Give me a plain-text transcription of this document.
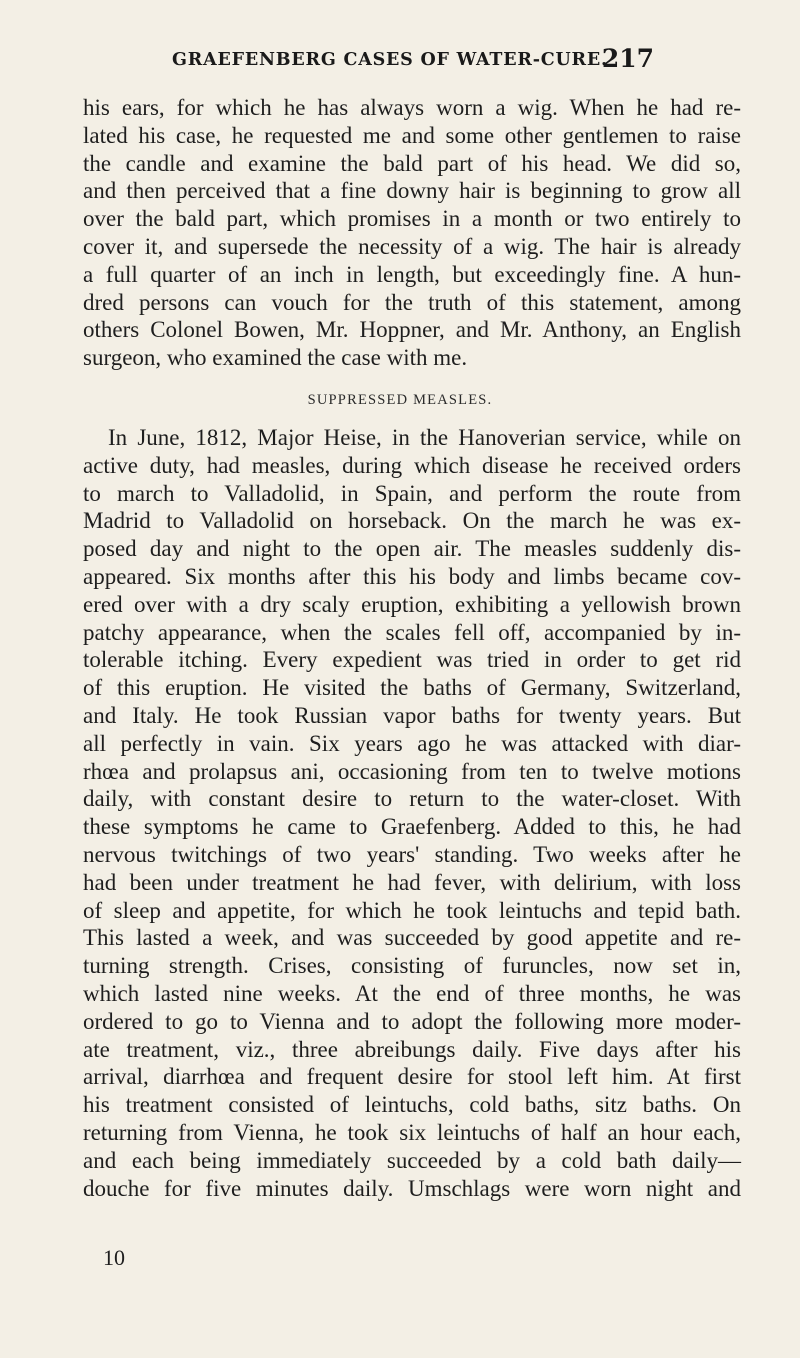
GRAEFENBERG CASES OF WATER-CURE.
217
his ears, for which he has always worn a wig. When he had re-
lated his case, he requested me and some other gentlemen to raise
the candle and examine the bald part of his head. We did so,
and then perceived that a fine downy hair is beginning to grow all
over the bald part, which promises in a month or two entirely to
cover it, and supersede the necessity of a wig. The hair is already
a full quarter of an inch in length, but exceedingly fine. A hun-
dred persons can vouch for the truth of this statement, among
others Colonel Bowen, Mr. Hoppner, and Mr. Anthony, an English
surgeon, who examined the case with me.
SUPPRESSED MEASLES.
In June, 1812, Major Heise, in the Hanoverian service, while on
active duty, had measles, during which disease he received orders
to march to Valladolid, in Spain, and perform the route from
Madrid to Valladolid on horseback. On the march he was ex-
posed day and night to the open air. The measles suddenly dis-
appeared. Six months after this his body and limbs became cov-
ered over with a dry scaly eruption, exhibiting a yellowish brown
patchy appearance, when the scales fell off, accompanied by in-
tolerable itching. Every expedient was tried in order to get rid
of this eruption. He visited the baths of Germany, Switzerland,
and Italy. He took Russian vapor baths for twenty years. But
all perfectly in vain. Six years ago he was attacked with diar-
rhœa and prolapsus ani, occasioning from ten to twelve motions
daily, with constant desire to return to the water-closet. With
these symptoms he came to Graefenberg. Added to this, he had
nervous twitchings of two years' standing. Two weeks after he
had been under treatment he had fever, with delirium, with loss
of sleep and appetite, for which he took leintuchs and tepid bath.
This lasted a week, and was succeeded by good appetite and re-
turning strength. Crises, consisting of furuncles, now set in,
which lasted nine weeks. At the end of three months, he was
ordered to go to Vienna and to adopt the following more moder-
ate treatment, viz., three abreibungs daily. Five days after his
arrival, diarrhœa and frequent desire for stool left him. At first
his treatment consisted of leintuchs, cold baths, sitz baths. On
returning from Vienna, he took six leintuchs of half an hour each,
and each being immediately succeeded by a cold bath daily—
douche for five minutes daily. Umschlags were worn night and
10
